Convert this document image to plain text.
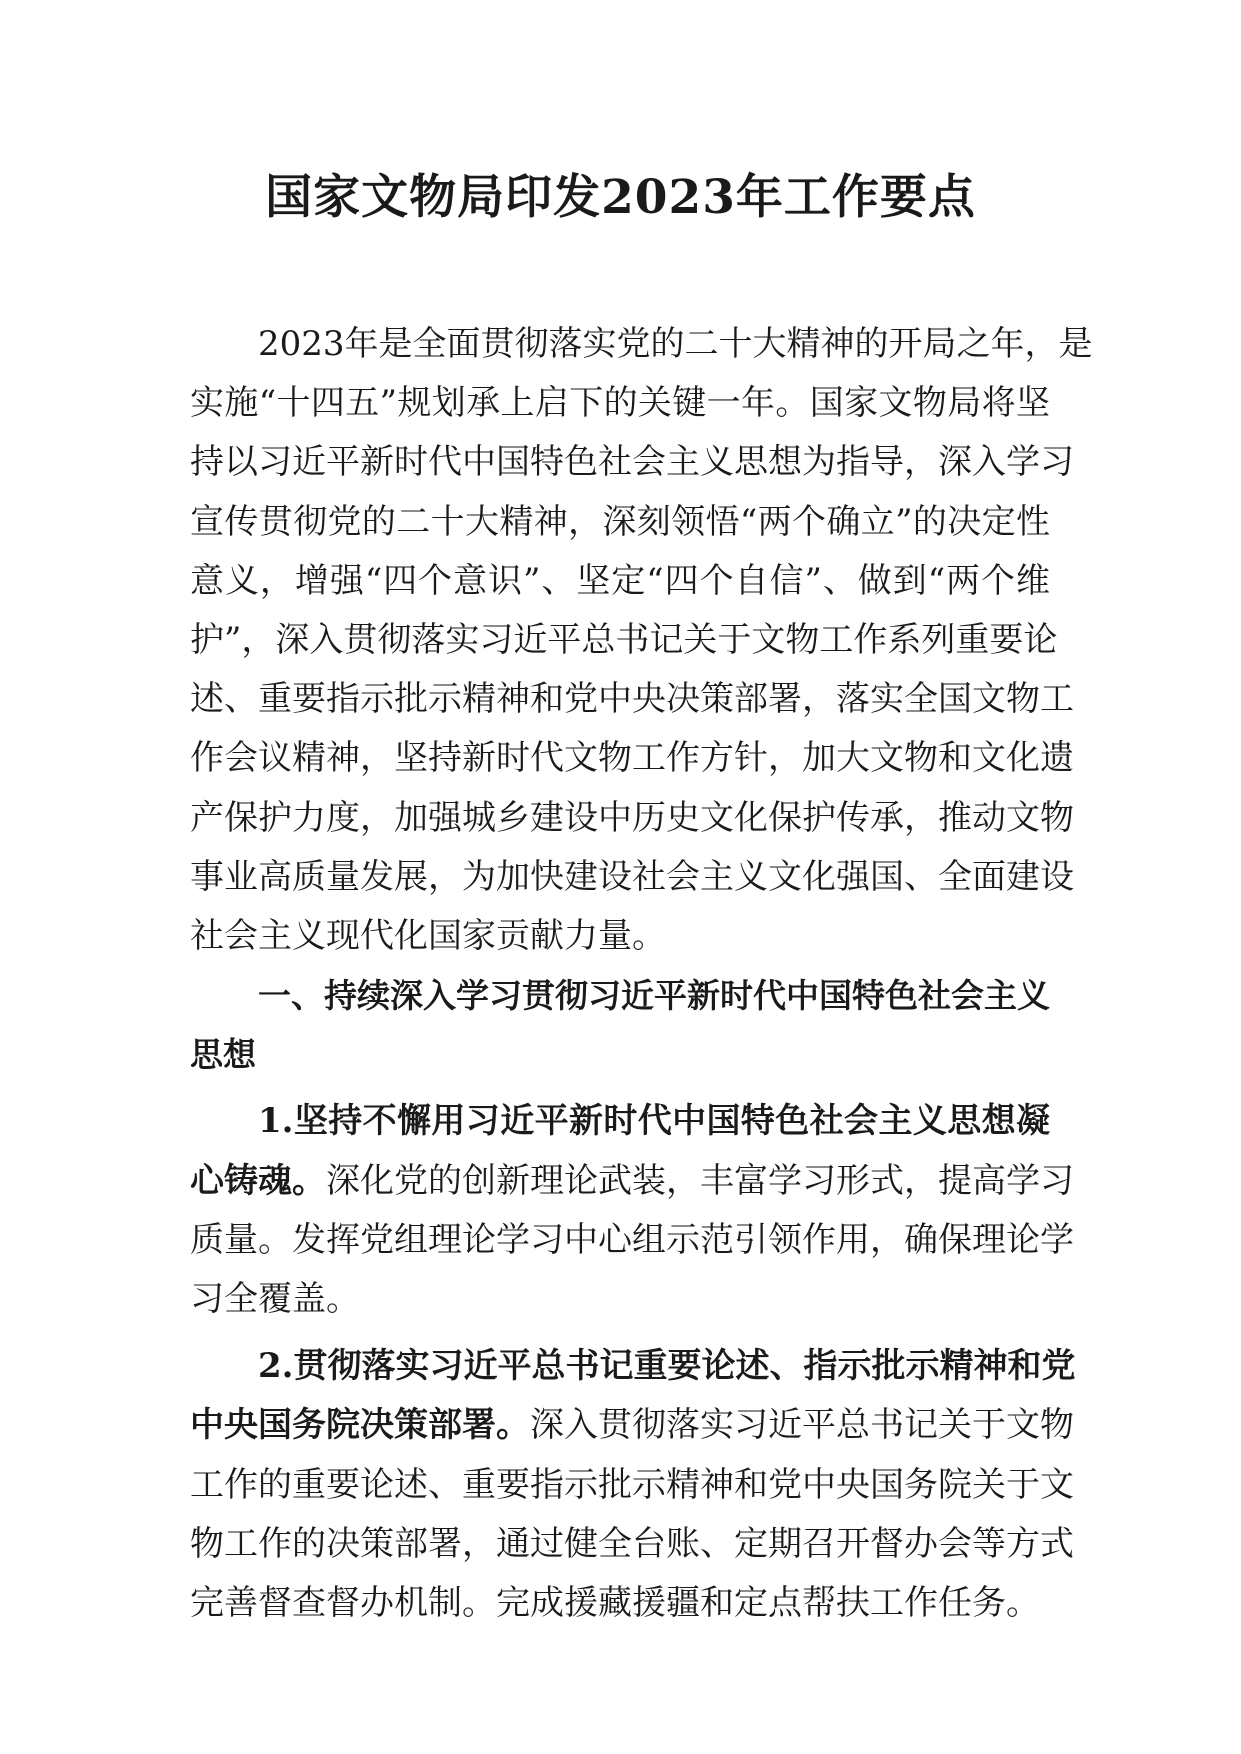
国家文物局印发2023年工作要点
2023年是全面贯彻落实党的二十大精神的开局之年，是
实施“十四五”规划承上启下的关键一年。国家文物局将坚
持以习近平新时代中国特色社会主义思想为指导，深入学习
宣传贯彻党的二十大精神，深刻领悟“两个确立”的决定性
意义，增强“四个意识”、坚定“四个自信”、做到“两个维
护”，深入贯彻落实习近平总书记关于文物工作系列重要论
述、重要指示批示精神和党中央决策部署，落实全国文物工
作会议精神，坚持新时代文物工作方针，加大文物和文化遗
产保护力度，加强城乡建设中历史文化保护传承，推动文物
事业高质量发展，为加快建设社会主义文化强国、全面建设
社会主义现代化国家贡献力量。
一、持续深入学习贯彻习近平新时代中国特色社会主义
思想
1.坚持不懈用习近平新时代中国特色社会主义思想凝
心铸魂。深化党的创新理论武装，丰富学习形式，提高学习
质量。发挥党组理论学习中心组示范引领作用，确保理论学
习全覆盖。
2.贯彻落实习近平总书记重要论述、指示批示精神和党
中央国务院决策部署。深入贯彻落实习近平总书记关于文物
工作的重要论述、重要指示批示精神和党中央国务院关于文
物工作的决策部署，通过健全台账、定期召开督办会等方式
完善督查督办机制。完成援藏援疆和定点帮扶工作任务。
